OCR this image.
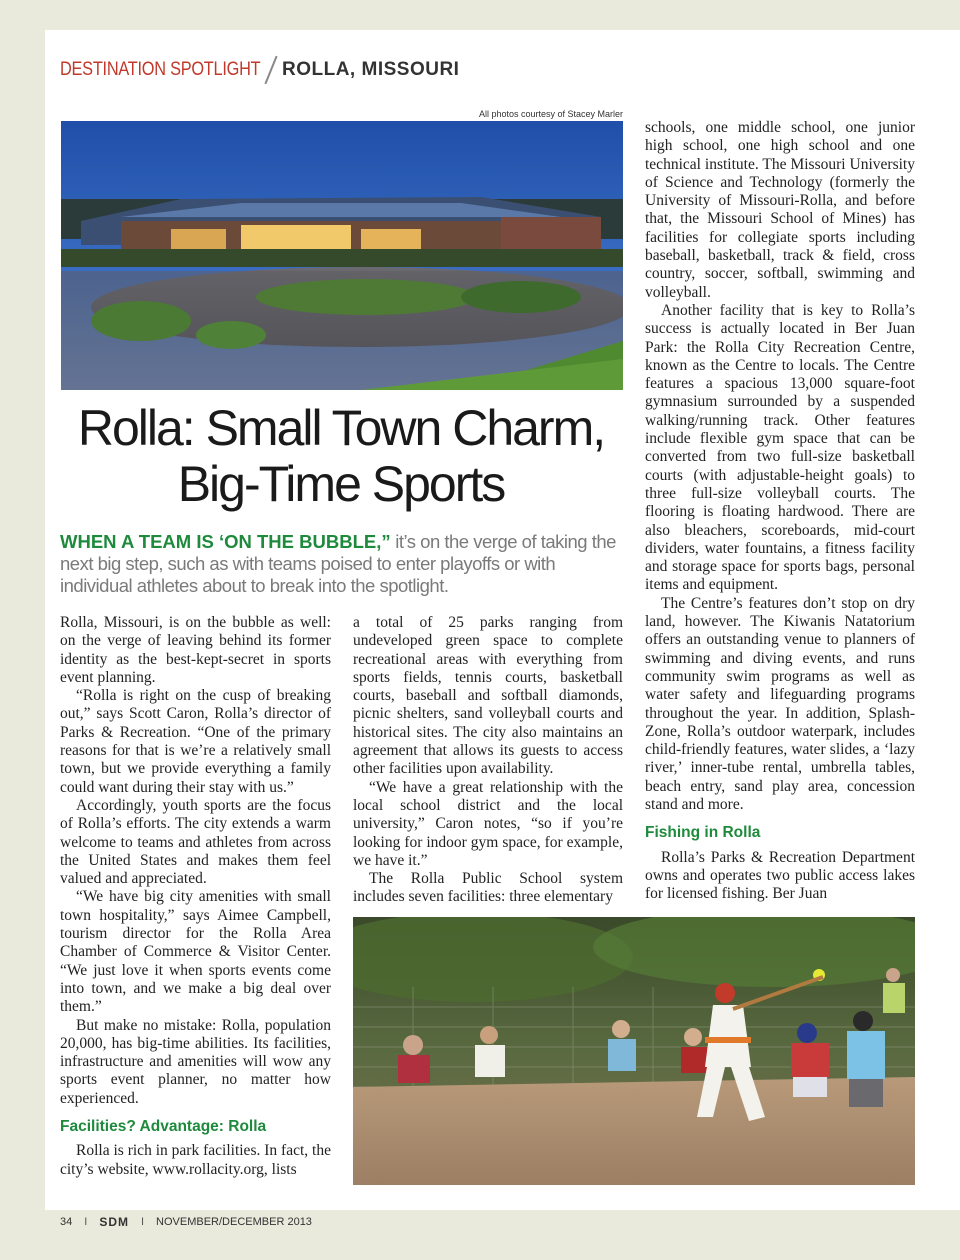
DESTINATION SPOTLIGHT ROLLA, MISSOURI
All photos courtesy of Stacey Marler
Rolla: Small Town Charm,
Big-Time Sports
WHEN A TEAM IS ‘ON THE BUBBLE,” it’s on the verge of taking the next big step, such as with teams poised to enter playoffs or with individual athletes about to break into the spotlight.

Rolla, Missouri, is on the bubble as well: on the verge of leaving behind its former identity as the best-kept-secret in sports event planning.

“Rolla is right on the cusp of breaking out,” says Scott Caron, Rolla’s director of Parks & Recreation. “One of the primary reasons for that is we’re a relatively small town, but we provide everything a family could want during their stay with us.”

Accordingly, youth sports are the focus of Rolla’s efforts. The city extends a warm welcome to teams and athletes from across the United States and makes them feel valued and appreciated.

“We have big city amenities with small town hospitality,” says Aimee Campbell, tourism director for the Rolla Area Chamber of Commerce & Visitor Center. “We just love it when sports events come into town, and we make a big deal over them.”

But make no mistake: Rolla, population 20,000, has big-time abilities. Its facilities, infrastructure and amenities will wow any sports event planner, no matter how experienced.

Facilities? Advantage: Rolla

Rolla is rich in park facilities. In fact, the city’s website, www.rollacity.org, lists

a total of 25 parks ranging from undeveloped green space to complete recreational areas with everything from sports fields, tennis courts, basketball courts, baseball and softball diamonds, picnic shelters, sand volleyball courts and historical sites. The city also maintains an agreement that allows its guests to access other facilities upon availability.

“We have a great relationship with the local school district and the local university,” Caron notes, “so if you’re looking for indoor gym space, for example, we have it.”

The Rolla Public School system includes seven facilities: three elementary

schools, one middle school, one junior high school, one high school and one technical institute. The Missouri University of Science and Technology (formerly the University of Missouri-Rolla, and before that, the Missouri School of Mines) has facilities for collegiate sports including baseball, basketball, track & field, cross country, soccer, softball, swimming and volleyball.

Another facility that is key to Rolla’s success is actually located in Ber Juan Park: the Rolla City Recreation Centre, known as the Centre to locals. The Centre features a spacious 13,000 square-foot gymnasium surrounded by a suspended walking/running track. Other features include flexible gym space that can be converted from two full-size basketball courts (with adjustable-height goals) to three full-size volleyball courts. The flooring is floating hardwood. There are also bleachers, scoreboards, mid-court dividers, water fountains, a fitness facility and storage space for sports bags, personal items and equipment.

The Centre’s features don’t stop on dry land, however. The Kiwanis Natatorium offers an outstanding venue to planners of swimming and diving events, and runs community swim programs as well as water safety and lifeguarding programs throughout the year. In addition, Splash-Zone, Rolla’s outdoor waterpark, includes child-friendly features, water slides, a ‘lazy river,’ inner-tube rental, umbrella tables, beach entry, sand play area, concession stand and more.

Fishing in Rolla

Rolla’s Parks & Recreation Department owns and operates two public access lakes for licensed fishing. Ber Juan

34 I SDM I NOVEMBER/DECEMBER 2013
